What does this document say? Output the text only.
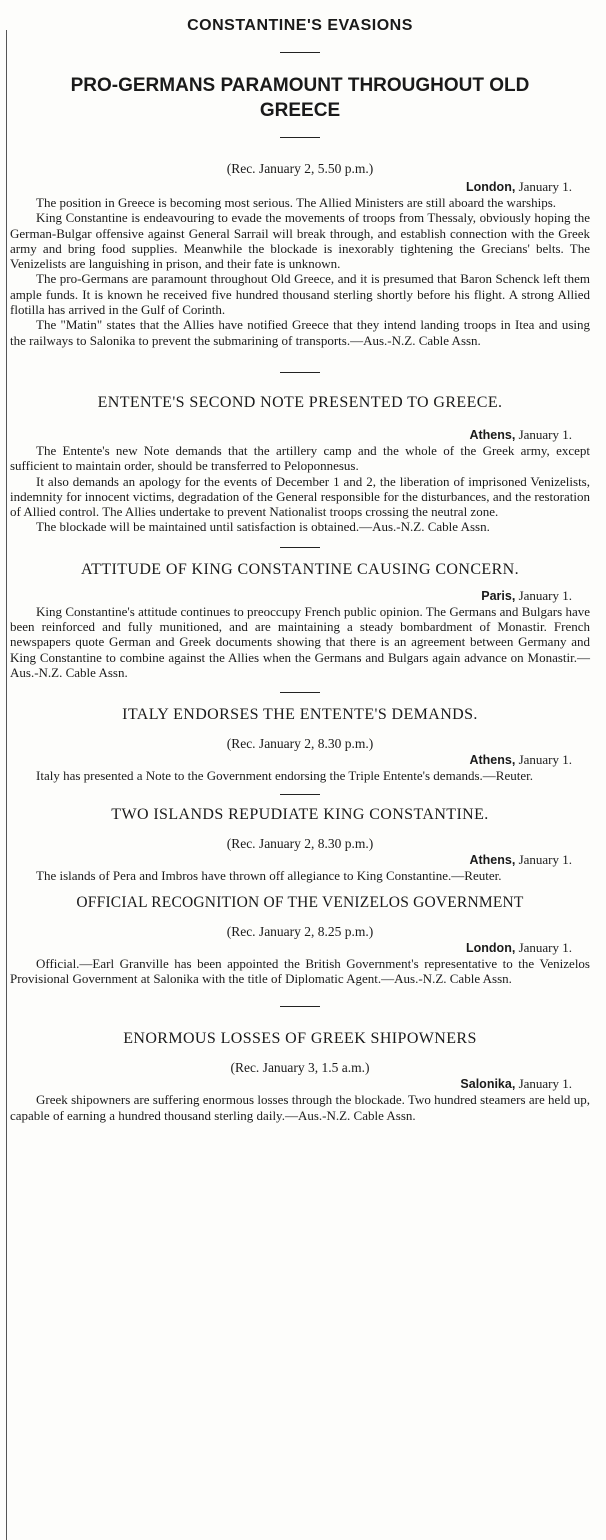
CONSTANTINE'S EVASIONS
PRO-GERMANS PARAMOUNT THROUGHOUT OLD GREECE
(Rec. January 2, 5.50 p.m.)
London, January 1.

The position in Greece is becoming most serious. The Allied Ministers are still aboard the warships.

King Constantine is endeavouring to evade the movements of troops from Thessaly, obviously hoping the German-Bulgar offensive against General Sarrail will break through, and establish connection with the Greek army and bring food supplies. Meanwhile the blockade is inexorably tightening the Grecians' belts. The Venizelists are languishing in prison, and their fate is unknown.

The pro-Germans are paramount throughout Old Greece, and it is presumed that Baron Schenck left them ample funds. It is known he received five hundred thousand sterling shortly before his flight. A strong Allied flotilla has arrived in the Gulf of Corinth.

The "Matin" states that the Allies have notified Greece that they intend landing troops in Itea and using the railways to Salonika to prevent the submarining of transports.—Aus.-N.Z. Cable Assn.

ENTENTE'S SECOND NOTE PRESENTED TO GREECE.
Athens, January 1.

The Entente's new Note demands that the artillery camp and the whole of the Greek army, except sufficient to maintain order, should be transferred to Peloponnesus.

It also demands an apology for the events of December 1 and 2, the liberation of imprisoned Venizelists, indemnity for innocent victims, degradation of the General responsible for the disturbances, and the restoration of Allied control. The Allies undertake to prevent Nationalist troops crossing the neutral zone.

The blockade will be maintained until satisfaction is obtained.—Aus.-N.Z. Cable Assn.

ATTITUDE OF KING CONSTANTINE CAUSING CONCERN.
Paris, January 1.

King Constantine's attitude continues to preoccupy French public opinion. The Germans and Bulgars have been reinforced and fully munitioned, and are maintaining a steady bombardment of Monastir. French newspapers quote German and Greek documents showing that there is an agreement between Germany and King Constantine to combine against the Allies when the Germans and Bulgars again advance on Monastir.—Aus.-N.Z. Cable Assn.

ITALY ENDORSES THE ENTENTE'S DEMANDS.
(Rec. January 2, 8.30 p.m.)
Athens, January 1.

Italy has presented a Note to the Government endorsing the Triple Entente's demands.—Reuter.

TWO ISLANDS REPUDIATE KING CONSTANTINE.
(Rec. January 2, 8.30 p.m.)
Athens, January 1.

The islands of Pera and Imbros have thrown off allegiance to King Constantine.—Reuter.

OFFICIAL RECOGNITION OF THE VENIZELOS GOVERNMENT
(Rec. January 2, 8.25 p.m.)
London, January 1.

Official.—Earl Granville has been appointed the British Government's representative to the Venizelos Provisional Government at Salonika with the title of Diplomatic Agent.—Aus.-N.Z. Cable Assn.

ENORMOUS LOSSES OF GREEK SHIPOWNERS
(Rec. January 3, 1.5 a.m.)
Salonika, January 1.

Greek shipowners are suffering enormous losses through the blockade. Two hundred steamers are held up, capable of earning a hundred thousand sterling daily.—Aus.-N.Z. Cable Assn.
